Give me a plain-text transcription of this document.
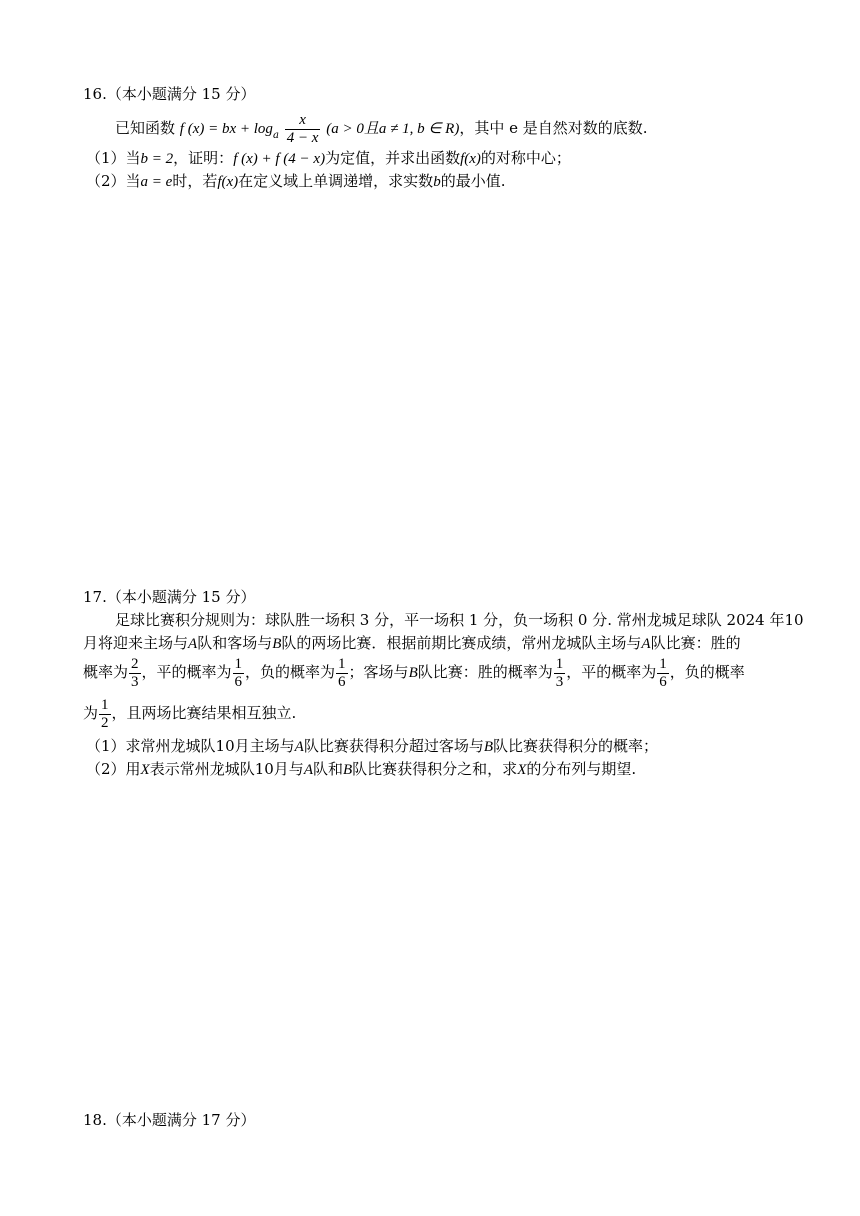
16.（本小题满分 15 分）
已知函数 f (x) = bx + $\log_a \frac{x}{4 - x} (a > 0$且a ≠ 1, b ∈ R)，其中 e 是自然对数的底数.
（1）当b = 2，证明：f (x) + f (4 − x)为定值，并求出函数f(x)的对称中心；
（2）当a = e时，若f(x)在定义域上单调递增，求实数b的最小值.
17.（本小题满分 15 分）
足球比赛积分规则为：球队胜一场积 3 分，平一场积 1 分，负一场积 0 分. 常州龙城足球队 2024 年10
月将迎来主场与A队和客场与B队的两场比赛．根据前期比赛成绩，常州龙城队主场与A队比赛：胜的
概率为 $\frac{2}{3}$ ，平的概率为 $\frac{1}{6}$ ，负的概率为 $\frac{1}{6}$ ；客场与B队比赛：胜的概率为 $\frac{1}{3}$ ，平的概率为 $\frac{1}{6}$ ，负的概率
为 $\frac{1}{2}$ ，且两场比赛结果相互独立.
（1）求常州龙城队10月主场与A队比赛获得积分超过客场与B队比赛获得积分的概率；
（2）用X表示常州龙城队10月与A队和B队比赛获得积分之和，求X的分布列与期望.
18.（本小题满分 17 分）
